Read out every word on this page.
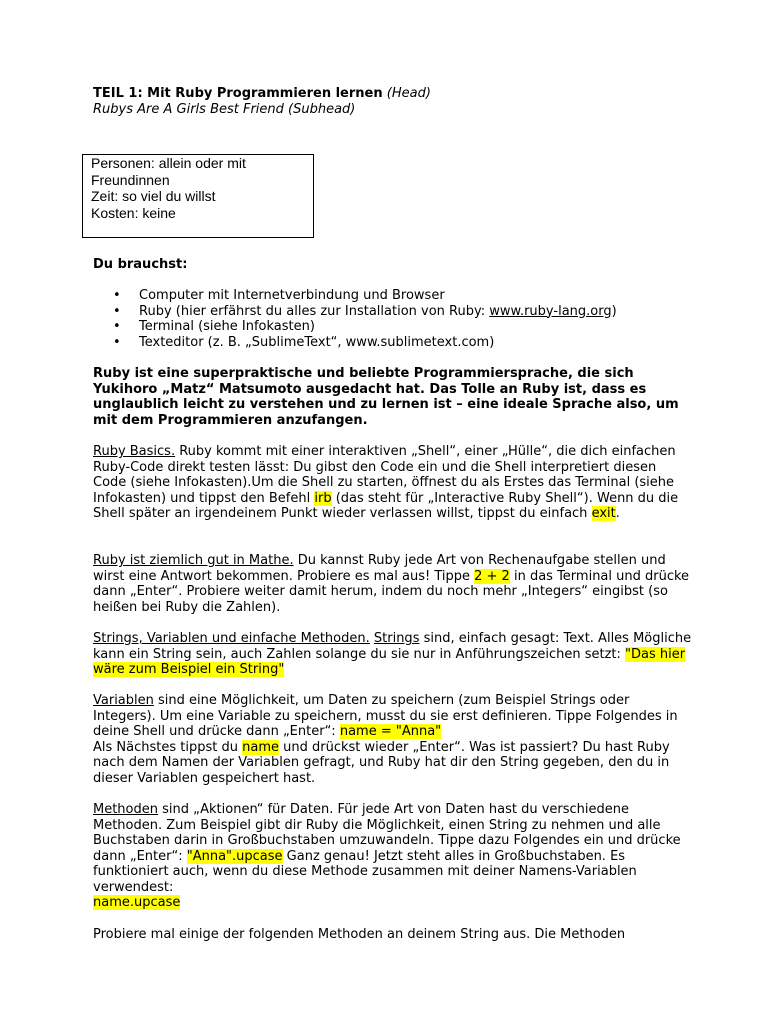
TEIL 1: Mit Ruby Programmieren lernen (Head)

Rubys Are A Girls Best Friend (Subhead)

Personen: allein oder mit
Freundinnen
Zeit: so viel du willst
Kosten: keine

Du brauchst:

• Computer mit Internetverbindung und Browser
• Ruby (hier erfährst du alles zur Installation von Ruby: www.ruby-lang.org)
• Terminal (siehe Infokasten)
• Texteditor (z. B. „SublimeText“, www.sublimetext.com)

Ruby ist eine superpraktische und beliebte Programmiersprache, die sich Yukihoro „Matz“ Matsumoto ausgedacht hat. Das Tolle an Ruby ist, dass es unglaublich leicht zu verstehen und zu lernen ist – eine ideale Sprache also, um mit dem Programmieren anzufangen.

Ruby Basics. Ruby kommt mit einer interaktiven „Shell“, einer „Hülle“, die dich einfachen Ruby-Code direkt testen lässt: Du gibst den Code ein und die Shell interpretiert diesen Code (siehe Infokasten).Um die Shell zu starten, öffnest du als Erstes das Terminal (siehe Infokasten) und tippst den Befehl irb (das steht für „Interactive Ruby Shell“). Wenn du die Shell später an irgendeinem Punkt wieder verlassen willst, tippst du einfach exit.

Ruby ist ziemlich gut in Mathe. Du kannst Ruby jede Art von Rechenaufgabe stellen und wirst eine Antwort bekommen. Probiere es mal aus! Tippe 2 + 2 in das Terminal und drücke dann „Enter“. Probiere weiter damit herum, indem du noch mehr „Integers“ eingibst (so heißen bei Ruby die Zahlen).

Strings, Variablen und einfache Methoden. Strings sind, einfach gesagt: Text. Alles Mögliche kann ein String sein, auch Zahlen solange du sie nur in Anführungszeichen setzt: "Das hier wäre zum Beispiel ein String"

Variablen sind eine Möglichkeit, um Daten zu speichern (zum Beispiel Strings oder Integers). Um eine Variable zu speichern, musst du sie erst definieren. Tippe Folgendes in deine Shell und drücke dann „Enter“: name = "Anna"

Als Nächstes tippst du name und drückst wieder „Enter“. Was ist passiert? Du hast Ruby nach dem Namen der Variablen gefragt, und Ruby hat dir den String gegeben, den du in dieser Variablen gespeichert hast.

Methoden sind „Aktionen“ für Daten. Für jede Art von Daten hast du verschiedene Methoden. Zum Beispiel gibt dir Ruby die Möglichkeit, einen String zu nehmen und alle Buchstaben darin in Großbuchstaben umzuwandeln. Tippe dazu Folgendes ein und drücke dann „Enter“: "Anna".upcase Ganz genau! Jetzt steht alles in Großbuchstaben. Es funktioniert auch, wenn du diese Methode zusammen mit deiner Namens-Variablen verwendest:

name.upcase

Probiere mal einige der folgenden Methoden an deinem String aus. Die Methoden
